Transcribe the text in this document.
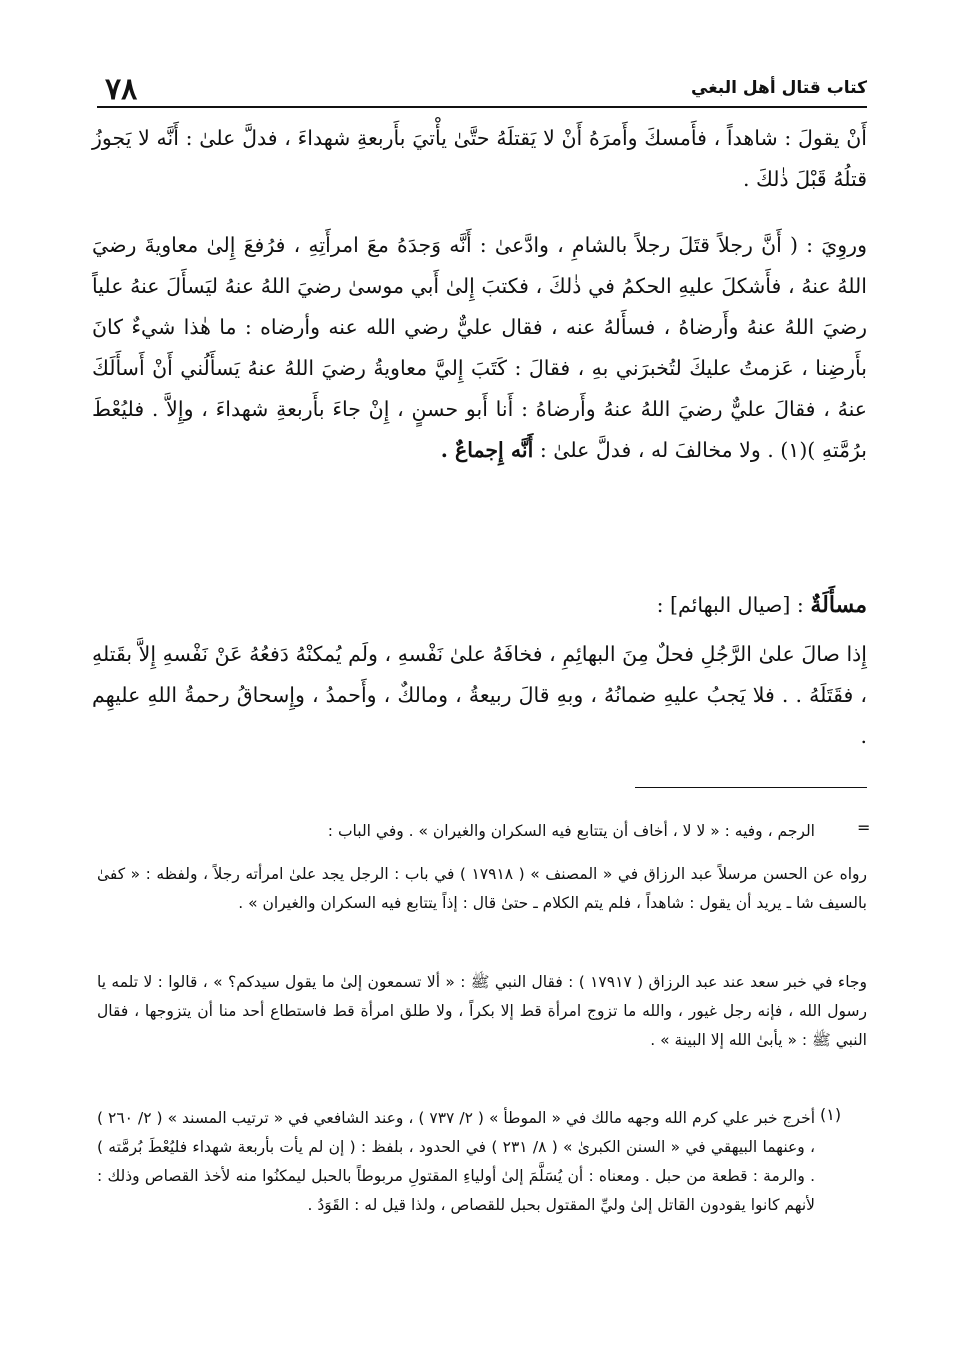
٧٨	كتاب قتال أهل البغي
أَنْ يقولَ : شاهداً ، فأَمسكَ وأَمرَهُ أَنْ لا يَقتلَهُ حتَّىٰ يأْتيَ بأَربعةِ شهداءَ ، فدلَّ علىٰ : أَنَّه لا يَجوزُ قتلُهُ قَبْلَ ذٰلكَ .
وروِيَ : ( أَنَّ رجلاً قتَلَ رجلاً بالشامِ ، وادَّعىٰ : أَنَّه وَجدَهُ معَ امرأَتِهِ ، فرُفعَ إِلىٰ معاويةَ رضيَ اللهُ عنهُ ، فأَشكلَ عليهِ الحكمُ في ذٰلكَ ، فكتبَ إِلىٰ أَبي موسىٰ رضيَ اللهُ عنهُ ليَسأَلَ عنهُ علياً رضيَ اللهُ عنهُ وأَرضاهُ ، فسأَلهُ عنه ، فقال عليٌّ رضي الله عنه وأرضاه : ما هٰذا شيءٌ كانَ بأَرضِنا ، عَزمتُ عليكَ لتُخبرَني بهِ ، فقالَ : كَتَبَ إِليَّ معاويةُ رضيَ اللهُ عنهُ يَسأَلُني أَنْ أَسأَلَكَ عنهُ ، فقالَ عليٌّ رضيَ اللهُ عنهُ وأَرضاهُ : أَنا أَبو حسنٍ ، إِنْ جاءَ بأَربعةِ شهداءَ ، وإِلاَّ . فليُعْطَ برُمَّتهِ )(١) . ولا مخالفَ له ، فدلَّ علىٰ : أَنَّه إِجماعٌ .
مسأَلَةٌ : [صيال البهائم] :
إِذا صالَ علىٰ الرَّجُلِ فحلٌ مِنَ البهائِمِ ، فخافَهُ علىٰ نَفْسهِ ، ولَم يُمكنْهُ دَفعُهُ عَنْ نَفْسهِ إِلاَّ بقَتلهِ ، فقَتَلَهُ . . فلا يَجبُ عليهِ ضمانُهُ ، وبهِ قالَ ربيعةُ ، ومالكٌ ، وأَحمدُ ، وإِسحاقُ رحمةُ اللهِ عليهِم .
=
الرجم ، وفيه : « لا لا ، أخاف أن يتتابع فيه السكران والغيران » . وفي الباب :
رواه عن الحسن مرسلاً عبد الرزاق في « المصنف » ( ١٧٩١٨ ) في باب : الرجل يجد علىٰ امرأته رجلاً ، ولفظه : « كفىٰ بالسيف شا ـ يريد أن يقول : شاهداً ، فلم يتم الكلام ـ حتىٰ قال : إذاً يتتابع فيه السكران والغيران » .
وجاء في خبر سعد عند عبد الرزاق ( ١٧٩١٧ ) : فقال النبي ﷺ : « ألا تسمعون إلىٰ ما يقول سيدكم؟ » ، قالوا : لا تلمه يا رسول الله ، فإنه رجل غيور ، والله ما تزوج امرأة قط إلا بكراً ، ولا طلق امرأة قط فاستطاع أحد منا أن يتزوجها ، فقال النبي ﷺ : « يأبىٰ الله إلا البينة » .
(١)
أخرج خبر علي كرم الله وجهه مالك في « الموطأ » ( ٢/ ٧٣٧ ) ، وعند الشافعي في « ترتيب المسند » ( ٢/ ٢٦٠ ) ، وعنهما البيهقي في « السنن الكبرىٰ » ( ٨/ ٢٣١ ) في الحدود ، بلفظ : ( إن لم يأت بأربعة شهداء فليُعْطَ بُرمَّته ) . والرمة : قطعة من حبل . ومعناه : أن يُسَلَّمَ إلىٰ أولياءِ المقتولِ مربوطاً بالحبل ليمكنُوا منه لأخذ القصاص وذلك : لأنهم كانوا يقودون القاتل إلىٰ وليِّ المقتول بحبل للقصاص ، ولذا قيل له : القَوَدُ .
